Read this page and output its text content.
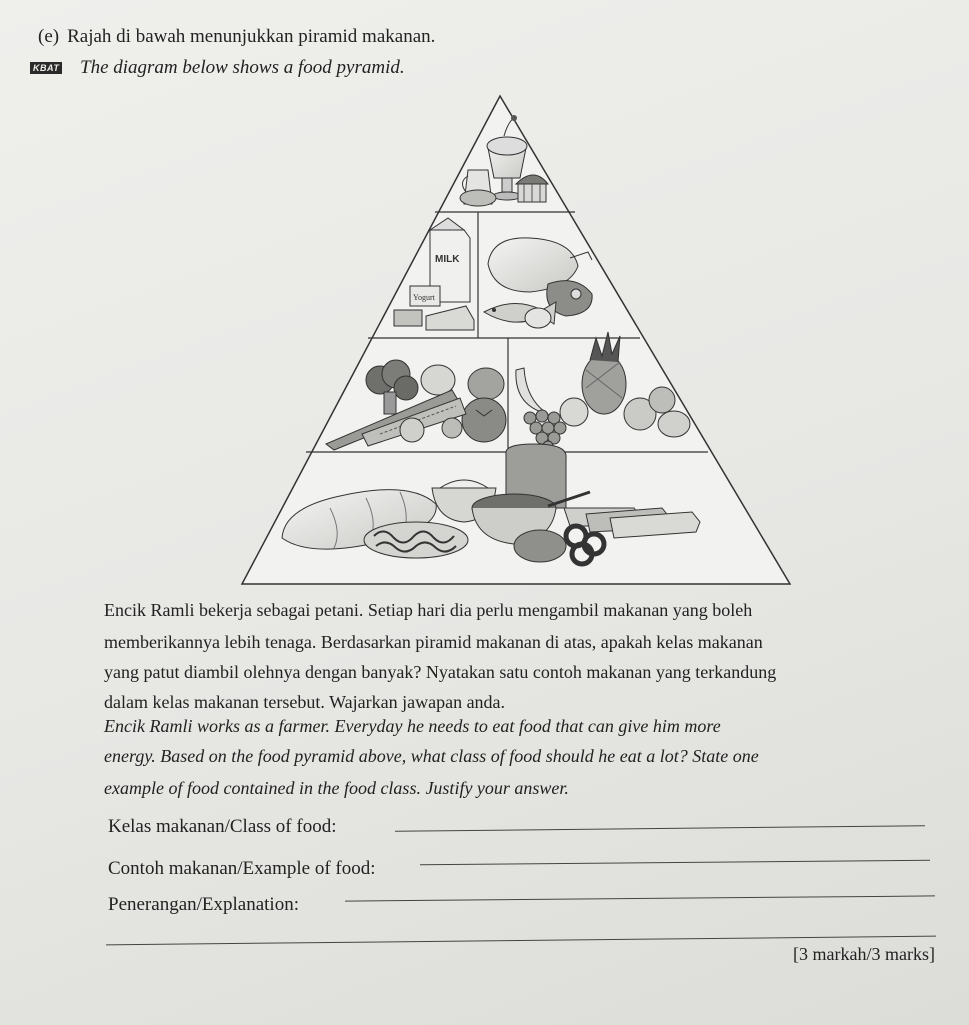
(e) Rajah di bawah menunjukkan piramid makanan.
KBAT The diagram below shows a food pyramid.
MILK
Yogurt
Encik Ramli bekerja sebagai petani. Setiap hari dia perlu mengambil makanan yang boleh
memberikannya lebih tenaga. Berdasarkan piramid makanan di atas, apakah kelas makanan
yang patut diambil olehnya dengan banyak? Nyatakan satu contoh makanan yang terkandung
dalam kelas makanan tersebut. Wajarkan jawapan anda.
Encik Ramli works as a farmer. Everyday he needs to eat food that can give him more
energy. Based on the food pyramid above, what class of food should he eat a lot? State one
example of food contained in the food class. Justify your answer.
Kelas makanan/Class of food:
Contoh makanan/Example of food:
Penerangan/Explanation:
[3 markah/3 marks]
